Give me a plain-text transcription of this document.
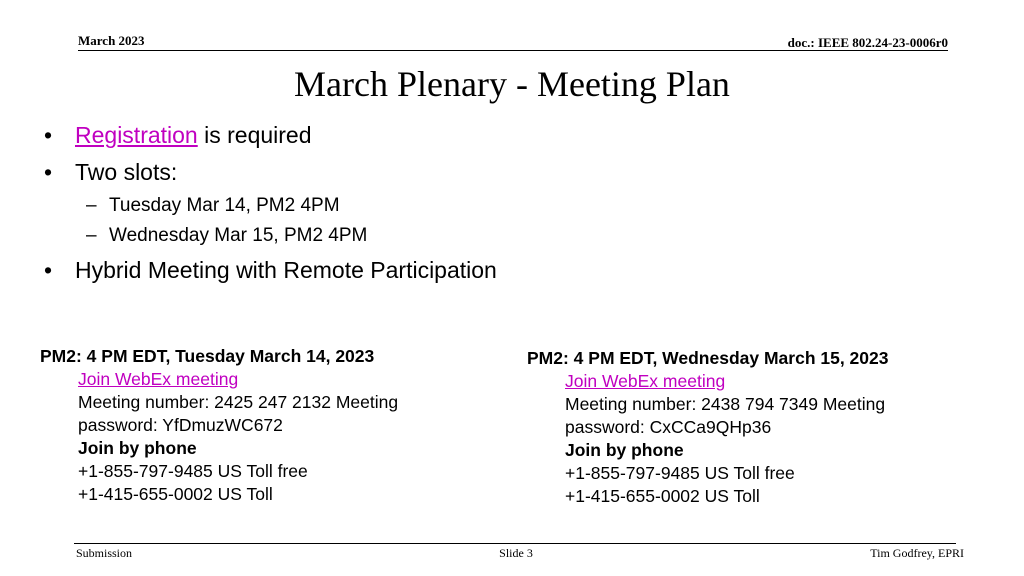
March 2023	doc.: IEEE 802.24-23-0006r0
March Plenary - Meeting Plan
• Registration is required
• Two slots:
– Tuesday Mar 14, PM2 4PM
– Wednesday Mar 15, PM2 4PM
• Hybrid Meeting with Remote Participation
PM2: 4 PM EDT, Tuesday March 14, 2023
Join WebEx meeting
Meeting number: 2425 247 2132 Meeting
password: YfDmuzWC672
Join by phone
+1-855-797-9485 US Toll free
+1-415-655-0002 US Toll
PM2: 4 PM EDT, Wednesday March 15, 2023
Join WebEx meeting
Meeting number: 2438 794 7349 Meeting
password: CxCCa9QHp36
Join by phone
+1-855-797-9485 US Toll free
+1-415-655-0002 US Toll
Submission	Slide 3	Tim Godfrey, EPRI
